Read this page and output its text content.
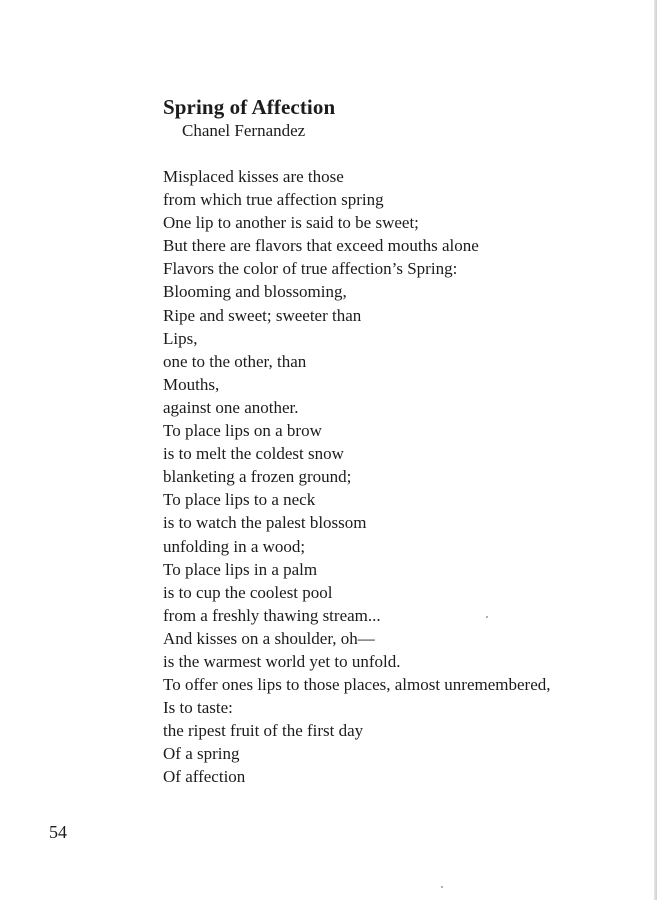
Spring of Affection
Chanel Fernandez
Misplaced kisses are those
from which true affection spring
One lip to another is said to be sweet;
But there are flavors that exceed mouths alone
Flavors the color of true affection’s Spring:
Blooming and blossoming,
Ripe and sweet; sweeter than
Lips,
one to the other, than
Mouths,
against one another.
To place lips on a brow
is to melt the coldest snow
blanketing a frozen ground;
To place lips to a neck
is to watch the palest blossom
unfolding in a wood;
To place lips in a palm
is to cup the coolest pool
from a freshly thawing stream...
And kisses on a shoulder, oh—
is the warmest world yet to unfold.
To offer ones lips to those places, almost unremembered,
Is to taste:
the ripest fruit of the first day
Of a spring
Of affection
54
